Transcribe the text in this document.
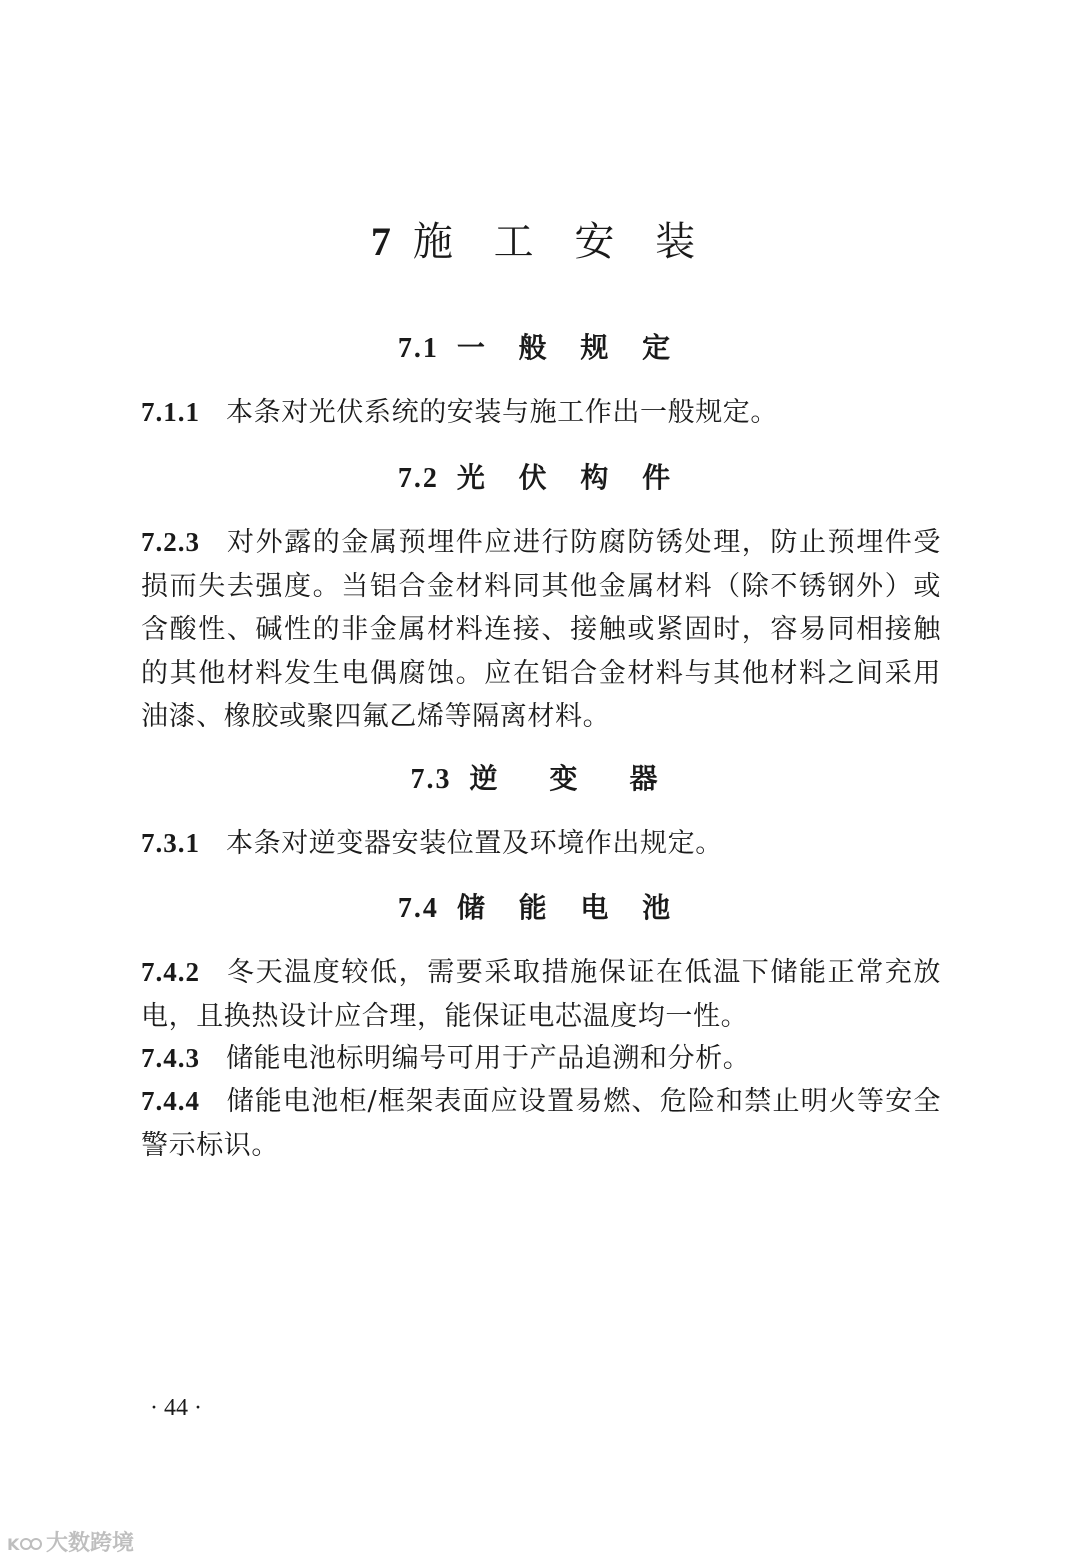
7 施 工 安 装
7.1 一 般 规 定
7.1.1 本条对光伏系统的安装与施工作出一般规定。
7.2 光 伏 构 件
7.2.3 对外露的金属预埋件应进行防腐防锈处理，防止预埋件受损而失去强度。当铝合金材料同其他金属材料（除不锈钢外）或含酸性、碱性的非金属材料连接、接触或紧固时，容易同相接触的其他材料发生电偶腐蚀。应在铝合金材料与其他材料之间采用油漆、橡胶或聚四氟乙烯等隔离材料。
7.3 逆　变　器
7.3.1 本条对逆变器安装位置及环境作出规定。
7.4 储 能 电 池
7.4.2 冬天温度较低，需要采取措施保证在低温下储能正常充放电，且换热设计应合理，能保证电芯温度均一性。
7.4.3 储能电池标明编号可用于产品追溯和分析。
7.4.4 储能电池柜/框架表面应设置易燃、危险和禁止明火等安全警示标识。
· 44 ·
K 大数跨境
